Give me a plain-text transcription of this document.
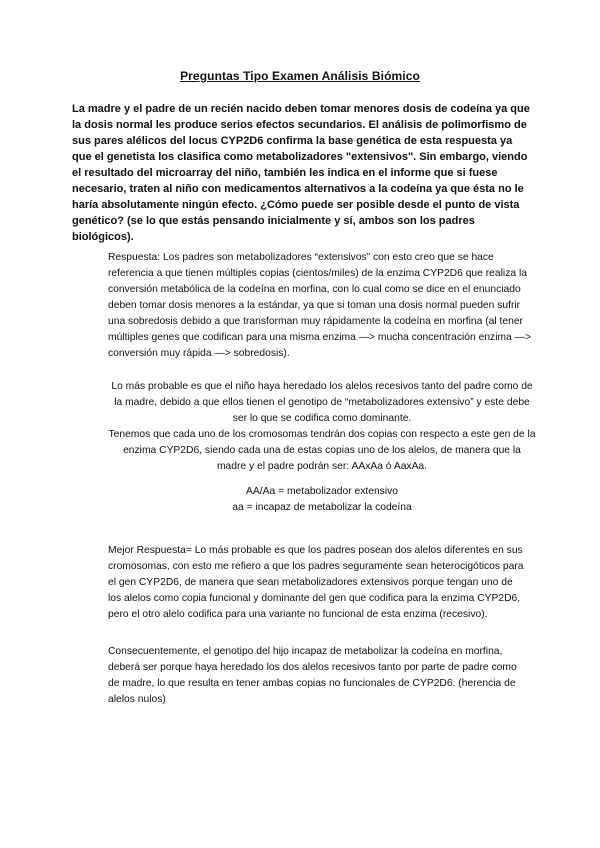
Preguntas Tipo Examen Análisis Biómico
La madre y el padre de un recién nacido deben tomar menores dosis de codeína ya que la dosis normal les produce serios efectos secundarios. El análisis de polimorfismo de sus pares alélicos del locus CYP2D6 confirma la base genética de esta respuesta ya que el genetista los clasifica como metabolizadores "extensivos". Sin embargo, viendo el resultado del microarray del niño, también les indica en el informe que si fuese necesario, traten al niño con medicamentos alternativos a la codeína ya que ésta no le haría absolutamente ningún efecto. ¿Cómo puede ser posible desde el punto de vista genético? (se lo que estás pensando inicialmente y sí, ambos son los padres biológicos).
Respuesta: Los padres son metabolizadores “extensivos” con esto creo que se hace referencia a que tienen múltiples copias (cientos/miles) de la enzima CYP2D6 que realiza la conversión metabólica de la codeína en morfina, con lo cual como se dice en el enunciado deben tomar dosis menores a la estándar, ya que si toman una dosis normal pueden sufrir una sobredosis debido a que transforman muy rápidamente la codeína en morfina (al tener múltiples genes que codifican para una misma enzima —> mucha concentración enzima —> conversión muy rápida —> sobredosis).

Lo más probable es que el niño haya heredado los alelos recesivos tanto del padre como de la madre, debido a que ellos tienen el genotipo de “metabolizadores extensivo” y este debe ser lo que se codifica como dominante.

Tenemos que cada uno de los cromosomas tendrán dos copias con respecto a este gen de la enzima CYP2D6, siendo cada una de estas copias uno de los alelos, de manera que la madre y el padre podrán ser: AAxAa ó AaxAa.

AA/Aa = metabolizador extensivo

aa = incapaz de metabolizar la codeína

Mejor Respuesta= Lo más probable es que los padres posean dos alelos diferentes en sus cromosomas, con esto me refiero a que los padres seguramente sean heterocigóticos para el gen CYP2D6, de manera que sean metabolizadores extensivos porque tengan uno de los alelos como copia funcional y dominante del gen que codifica para la enzima CYP2D6, pero el otro alelo codifica para una variante no funcional de esta enzima (recesivo).
Consecuentemente, el genotipo del hijo incapaz de metabolizar la codeína en morfina, deberá ser porque haya heredado los dos alelos recesivos tanto por parte de padre como de madre, lo que resulta en tener ambas copias no funcionales de CYP2D6. (herencia de alelos nulos)
